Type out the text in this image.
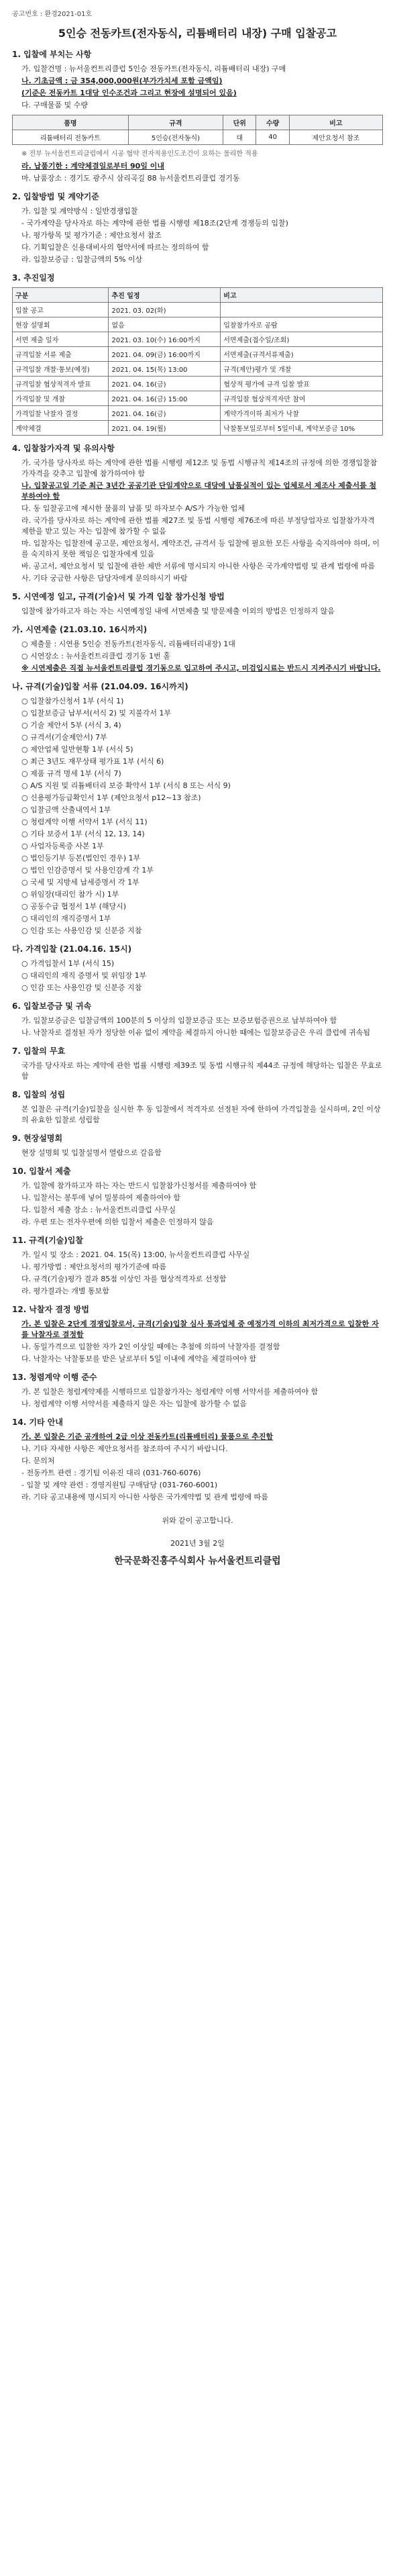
공고번호 : 환경2021-01호
5인승 전동카트(전자동식, 리튬배터리 내장) 구매 입찰공고
1. 입찰에 부치는 사항
가. 입찰건명 : 뉴서울컨트리클럽 5인승 전동카트(전자동식, 리튬배터리 내장) 구매
나. 기초금액 : 금 354,000,000원(부가가치세 포함 금액임)
(기준은 전동카트 1대당 인수조건과 그리고 현장에 설명되어 있음)
다. 구매물품 및 수량
품명	규격	단위	수량	비고
리튬배터리 전동카트	5인승(전자동식)	대	40	제안요청서 참조
※ 전부 뉴서울컨트리클럽에서 시공 협약 전자적용인도조건이 요하는 물리한 적용
라. 납품기한 : 계약체결일로부터 90일 이내
마. 납품장소 : 경기도 광주시 삼리곡길 88 뉴서울컨트리클럽 경기동
2. 입찰방법 및 계약기준
가. 입찰 및 계약방식 : 일반경쟁입찰
- 국가계약을 당사자로 하는 계약에 관한 법률 시행령 제18조(2단계 경쟁등의 입찰)
나. 평가항목 및 평가기준 : 제안요청서 참조
다. 기획입찰은 신용대비사의 협약서에 따르는 정의하여 함
라. 입찰보증금 : 입찰금액의 5% 이상
3. 추진일정
구분	추진 일정	비고
입찰 공고	2021. 03. 02(화)	
현장 설명회	없음	입찰참가자로 공람
서면 제출 일자	2021. 03. 10(수) 16:00까지	서면제출(접수일/조회)
규격입찰 서류 제출	2021. 04. 09(금) 16:00까지	서면제출(규격서류제출)
규격입찰 개찰·통보(예정)	2021. 04. 15(목) 13:00	규격(제안)평가 및 개찰
규격입찰 협상적격자 발표	2021. 04. 16(금)	협상적 평가에 규격 입찰 발표
가격입찰 및 개찰	2021. 04. 16(금) 15:00	규격입찰 협상적격자만 참여
가격입찰 낙찰자 결정	2021. 04. 16(금)	계약가격이하 최저가 낙찰
계약체결	2021. 04. 19(월)	낙찰통보일로부터 5일이내, 계약보증금 10%
4. 입찰참가자격 및 유의사항
가. 국가를 당사자로 하는 계약에 관한 법률 시행령 제12조 및 동법 시행규칙 제14조의 규정에 의한 경쟁입찰참가자격을 갖추고 입찰에 참가하여야 함
나. 입찰공고일 기준 최근 3년간 공공기관 단일계약으로 대당에 납품실적이 있는 업체로서 제조사 제출서를 첨부하여야 함
다. 동 입찰공고에 제시한 물품의 납품 및 하자보수 A/S가 가능한 업체
라. 국가를 당사자로 하는 계약에 관한 법률 제27조 및 동법 시행령 제76조에 따른 부정당업자로 입찰참가자격 제한을 받고 있는 자는 입찰에 참가할 수 없음
마. 입찰자는 입찰전에 공고문, 제안요청서, 계약조건, 규격서 등 입찰에 필요한 모든 사항을 숙지하여야 하며, 이를 숙지하지 못한 책임은 입찰자에게 있음
바. 공고서, 제안요청서 및 입찰에 관한 제반 서류에 명시되지 아니한 사항은 국가계약법령 및 관계 법령에 따름
사. 기타 궁금한 사항은 담당자에게 문의하시기 바람
5. 시연예정 일고, 규격(기술)서 및 가격 입찰 참가신청 방법
입찰에 참가하고자 하는 자는 시연예정일 내에 서면제출 및 방문제출 이외의 방법은 인정하지 않음
가. 시연제출 (21.03.10. 16시까지)
○ 제출물 : 시연용 5인승 전동카트(전자동식, 리튬배터리내장) 1대
○ 시연장소 : 뉴서울컨트리클럽 경기동 1번 홀
※ 시연제출은 직접 뉴서울컨트리클럽 경기동으로 입고하여 주시고, 미검입시료는 반드시 지켜주시기 바랍니다.
나. 규격(기술)입찰 서류 (21.04.09. 16시까지)
○ 입찰참가신청서 1부 (서식 1)
○ 입찰보증금 납부서(서식 2) 및 지불각서 1부
○ 기술 제안서 5부 (서식 3, 4)
○ 규격서(기술제안서) 7부
○ 제안업체 일반현황 1부 (서식 5)
○ 최근 3년도 재무상태 평가표 1부 (서식 6)
○ 제품 규격 명세 1부 (서식 7)
○ A/S 지원 및 리튬배터리 보증 확약서 1부 (서식 8 또는 서식 9)
○ 신용평가등급확인서 1부 (제안요청서 p12~13 참조)
○ 입찰금액 산출내역서 1부
○ 청렴계약 이행 서약서 1부 (서식 11)
○ 기타 보증서 1부 (서식 12, 13, 14)
○ 사업자등록증 사본 1부
○ 법인등기부 등본(법인인 경우) 1부
○ 법인 인감증명서 및 사용인감계 각 1부
○ 국세 및 지방세 납세증명서 각 1부
○ 위임장(대리인 참가 시) 1부
○ 공동수급 협정서 1부 (해당시)
○ 대리인의 재직증명서 1부
○ 인감 또는 사용인감 및 신분증 지참
다. 가격입찰 (21.04.16. 15시)
○ 가격입찰서 1부 (서식 15)
○ 대리인의 재직 증명서 및 위임장 1부
○ 인감 또는 사용인감 및 신분증 지참
6. 입찰보증금 및 귀속
가. 입찰보증금은 입찰금액의 100분의 5 이상의 입찰보증금 또는 보증보험증권으로 납부하여야 함
나. 낙찰자로 결정된 자가 정당한 이유 없이 계약을 체결하지 아니한 때에는 입찰보증금은 우리 클럽에 귀속됨
7. 입찰의 무효
국가를 당사자로 하는 계약에 관한 법률 시행령 제39조 및 동법 시행규칙 제44조 규정에 해당하는 입찰은 무효로 함
8. 입찰의 성립
본 입찰은 규격(기술)입찰을 실시한 후 동 입찰에서 적격자로 선정된 자에 한하여 가격입찰을 실시하며, 2인 이상의 유효한 입찰로 성립함
9. 현장설명회
현장 설명회 및 입찰설명서 열람으로 갈음함
10. 입찰서 제출
가. 입찰에 참가하고자 하는 자는 반드시 입찰참가신청서를 제출하여야 함
나. 입찰서는 봉투에 넣어 밀봉하여 제출하여야 함
다. 입찰서 제출 장소 : 뉴서울컨트리클럽 사무실
라. 우편 또는 전자우편에 의한 입찰서 제출은 인정하지 않음
11. 규격(기술)입찰
가. 일시 및 장소 : 2021. 04. 15(목) 13:00, 뉴서울컨트리클럽 사무실
나. 평가방법 : 제안요청서의 평가기준에 따름
다. 규격(기술)평가 결과 85점 이상인 자를 협상적격자로 선정함
라. 평가결과는 개별 통보함
12. 낙찰자 결정 방법
가. 본 입찰은 2단계 경쟁입찰로서, 규격(기술)입찰 심사 통과업체 중 예정가격 이하의 최저가격으로 입찰한 자를 낙찰자로 결정함
나. 동일가격으로 입찰한 자가 2인 이상일 때에는 추첨에 의하여 낙찰자를 결정함
다. 낙찰자는 낙찰통보를 받은 날로부터 5일 이내에 계약을 체결하여야 함
13. 청렴계약 이행 준수
가. 본 입찰은 청렴계약제를 시행하므로 입찰참가자는 청렴계약 이행 서약서를 제출하여야 함
나. 청렴계약 이행 서약서를 제출하지 않은 자는 입찰에 참가할 수 없음
14. 기타 안내
가. 본 입찰은 기준 공개하여 2급 이상 전동카트(리튬배터리) 물품으로 추진함
나. 기타 자세한 사항은 제안요청서를 참조하여 주시기 바랍니다.
다. 문의처
- 전동카트 관련 : 경기팀 이유진 대리 (031-760-6076)
- 입찰 및 계약 관련 : 경영지원팀 구매담당 (031-760-6001)
라. 기타 공고내용에 명시되지 아니한 사항은 국가계약법 및 관계 법령에 따름
위와 같이 공고합니다.
2021년 3월 2일
한국문화진흥주식회사 뉴서울컨트리클럽
